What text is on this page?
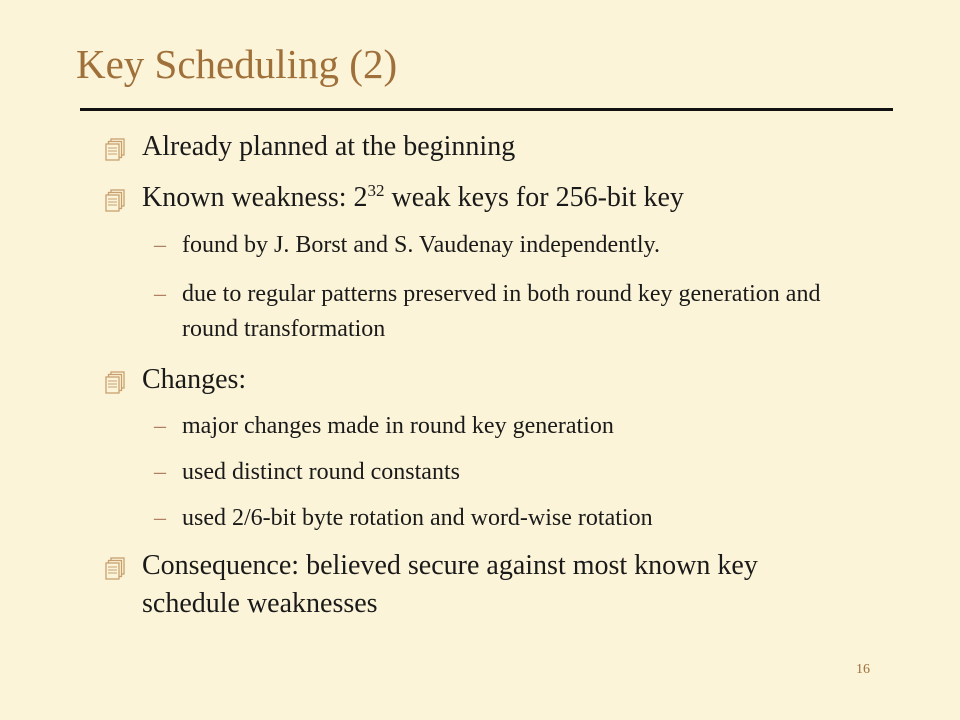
Key Scheduling (2)
Already planned at the beginning
Known weakness: $2^{32}$ weak keys for 256-bit key
– found by J. Borst and S. Vaudenay independently.
– due to regular patterns preserved in both round key generation and round transformation
Changes:
– major changes made in round key generation
– used distinct round constants
– used 2/6-bit byte rotation and word-wise rotation
Consequence: believed secure against most known key schedule weaknesses
16
